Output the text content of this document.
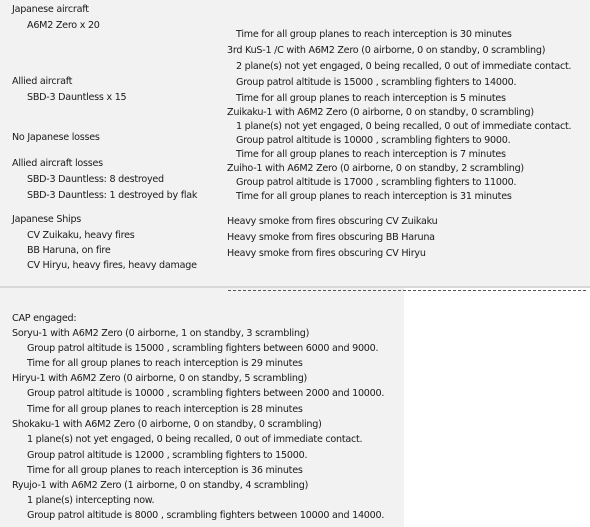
Japanese aircraft
A6M2 Zero x 20
Allied aircraft
SBD-3 Dauntless x 15
No Japanese losses
Allied aircraft losses
SBD-3 Dauntless: 8 destroyed
SBD-3 Dauntless: 1 destroyed by flak
Japanese Ships
CV Zuikaku, heavy fires
BB Haruna, on fire
CV Hiryu, heavy fires, heavy damage
Time for all group planes to reach interception is 30 minutes
3rd KuS-1 /C with A6M2 Zero (0 airborne, 0 on standby, 0 scrambling)
2 plane(s) not yet engaged, 0 being recalled, 0 out of immediate contact.
Group patrol altitude is 15000 , scrambling fighters to 14000.
Time for all group planes to reach interception is 5 minutes
Zuikaku-1 with A6M2 Zero (0 airborne, 0 on standby, 0 scrambling)
1 plane(s) not yet engaged, 0 being recalled, 0 out of immediate contact.
Group patrol altitude is 10000 , scrambling fighters to 9000.
Time for all group planes to reach interception is 7 minutes
Zuiho-1 with A6M2 Zero (0 airborne, 0 on standby, 2 scrambling)
Group patrol altitude is 17000 , scrambling fighters to 11000.
Time for all group planes to reach interception is 31 minutes
Heavy smoke from fires obscuring CV Zuikaku
Heavy smoke from fires obscuring BB Haruna
Heavy smoke from fires obscuring CV Hiryu
CAP engaged:
Soryu-1 with A6M2 Zero (0 airborne, 1 on standby, 3 scrambling)
Group patrol altitude is 15000 , scrambling fighters between 6000 and 9000.
Time for all group planes to reach interception is 29 minutes
Hiryu-1 with A6M2 Zero (0 airborne, 0 on standby, 5 scrambling)
Group patrol altitude is 10000 , scrambling fighters between 2000 and 10000.
Time for all group planes to reach interception is 28 minutes
Shokaku-1 with A6M2 Zero (0 airborne, 0 on standby, 0 scrambling)
1 plane(s) not yet engaged, 0 being recalled, 0 out of immediate contact.
Group patrol altitude is 12000 , scrambling fighters to 15000.
Time for all group planes to reach interception is 36 minutes
Ryujo-1 with A6M2 Zero (1 airborne, 0 on standby, 4 scrambling)
1 plane(s) intercepting now.
Group patrol altitude is 8000 , scrambling fighters between 10000 and 14000.
